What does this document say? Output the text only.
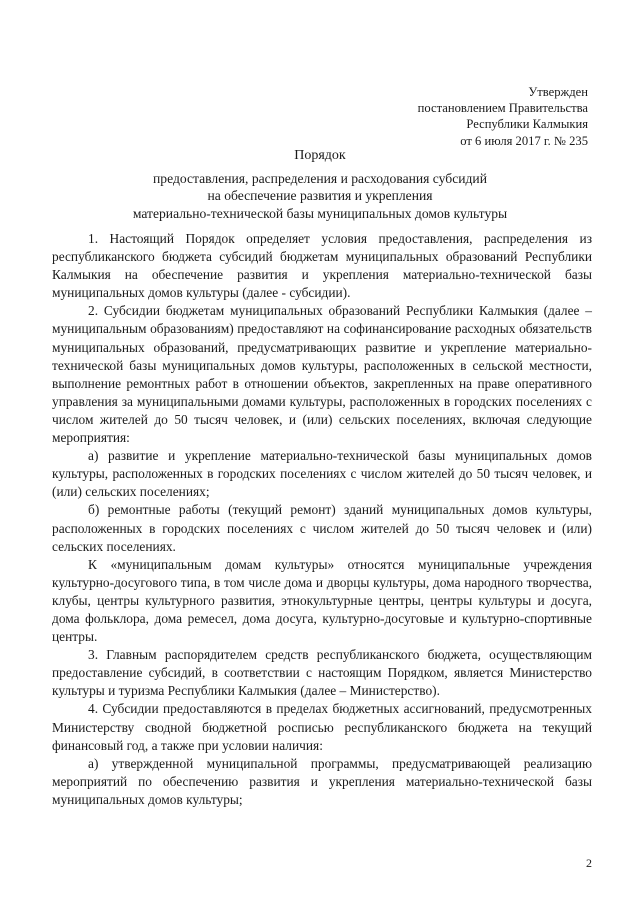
Утвержден
постановлением Правительства
Республики Калмыкия
от 6 июля 2017 г. № 235
Порядок
предоставления, распределения и расходования субсидий
на обеспечение развития и укрепления
материально-технической базы муниципальных домов культуры

1. Настоящий Порядок определяет условия предоставления, распределения из республиканского бюджета субсидий бюджетам муниципальных образований Республики Калмыкия на обеспечение развития и укрепления материально-технической базы муниципальных домов культуры (далее - субсидии).

2. Субсидии бюджетам муниципальных образований Республики Калмыкия (далее – муниципальным образованиям) предоставляют на софинансирование расходных обязательств муниципальных образований, предусматривающих развитие и укрепление материально-технической базы муниципальных домов культуры, расположенных в сельской местности, выполнение ремонтных работ в отношении объектов, закрепленных на праве оперативного управления за муниципальными домами культуры, расположенных в городских поселениях с числом жителей до 50 тысяч человек, и (или) сельских поселениях, включая следующие мероприятия:

а) развитие и укрепление материально-технической базы муниципальных домов культуры, расположенных в городских поселениях с числом жителей до 50 тысяч человек, и (или) сельских поселениях;

б) ремонтные работы (текущий ремонт) зданий муниципальных домов культуры, расположенных в городских поселениях с числом жителей до 50 тысяч человек и (или) сельских поселениях.

К «муниципальным домам культуры» относятся муниципальные учреждения культурно-досугового типа, в том числе дома и дворцы культуры, дома народного творчества, клубы, центры культурного развития, этнокультурные центры, центры культуры и досуга, дома фольклора, дома ремесел, дома досуга, культурно-досуговые и культурно-спортивные центры.

3. Главным распорядителем средств республиканского бюджета, осуществляющим предоставление субсидий, в соответствии с настоящим Порядком, является Министерство культуры и туризма Республики Калмыкия (далее – Министерство).

4. Субсидии предоставляются в пределах бюджетных ассигнований, предусмотренных Министерству сводной бюджетной росписью республиканского бюджета на текущий финансовый год, а также при условии наличия:

а) утвержденной муниципальной программы, предусматривающей реализацию мероприятий по обеспечению развития и укрепления материально-технической базы муниципальных домов культуры;

2
